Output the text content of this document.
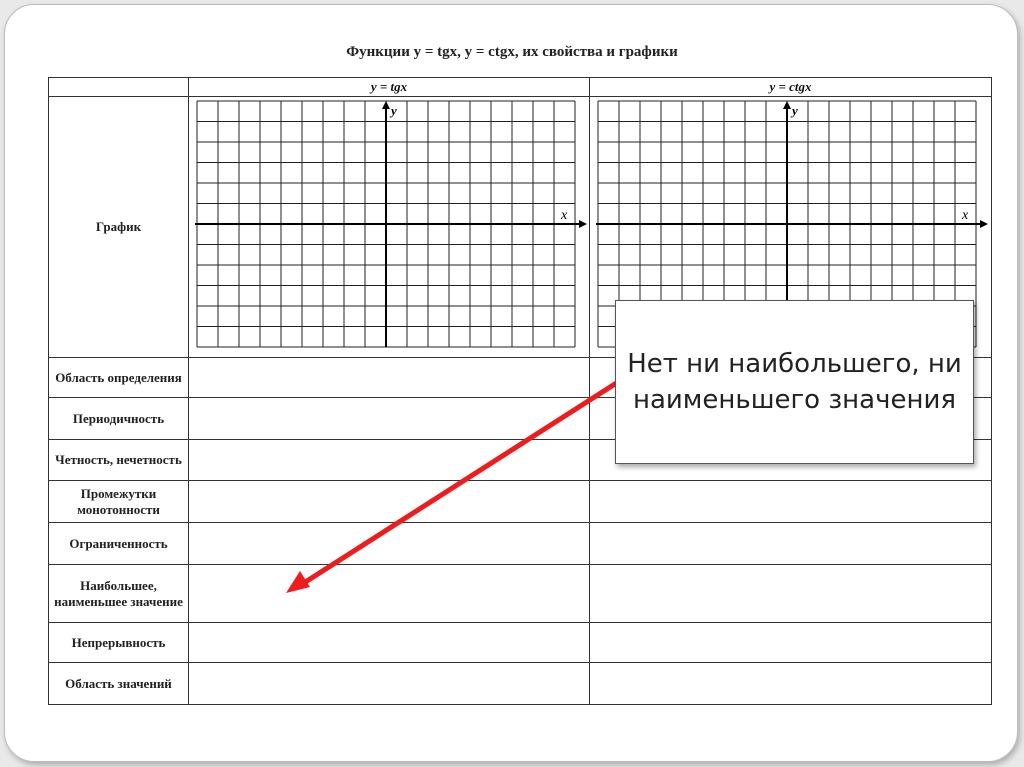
Функции y = tgx, y = ctgx, их свойства и графики
	y = tgx	y = ctgx
График	x
y	x
y

Область определения		
Периодичность		
Четность, нечетность		
Промежутки монотонности		
Ограниченность		
Наибольшее, наименьшее значение		
Непрерывность		
Область значений		
Нет ни наибольшего, ни наименьшего значения
